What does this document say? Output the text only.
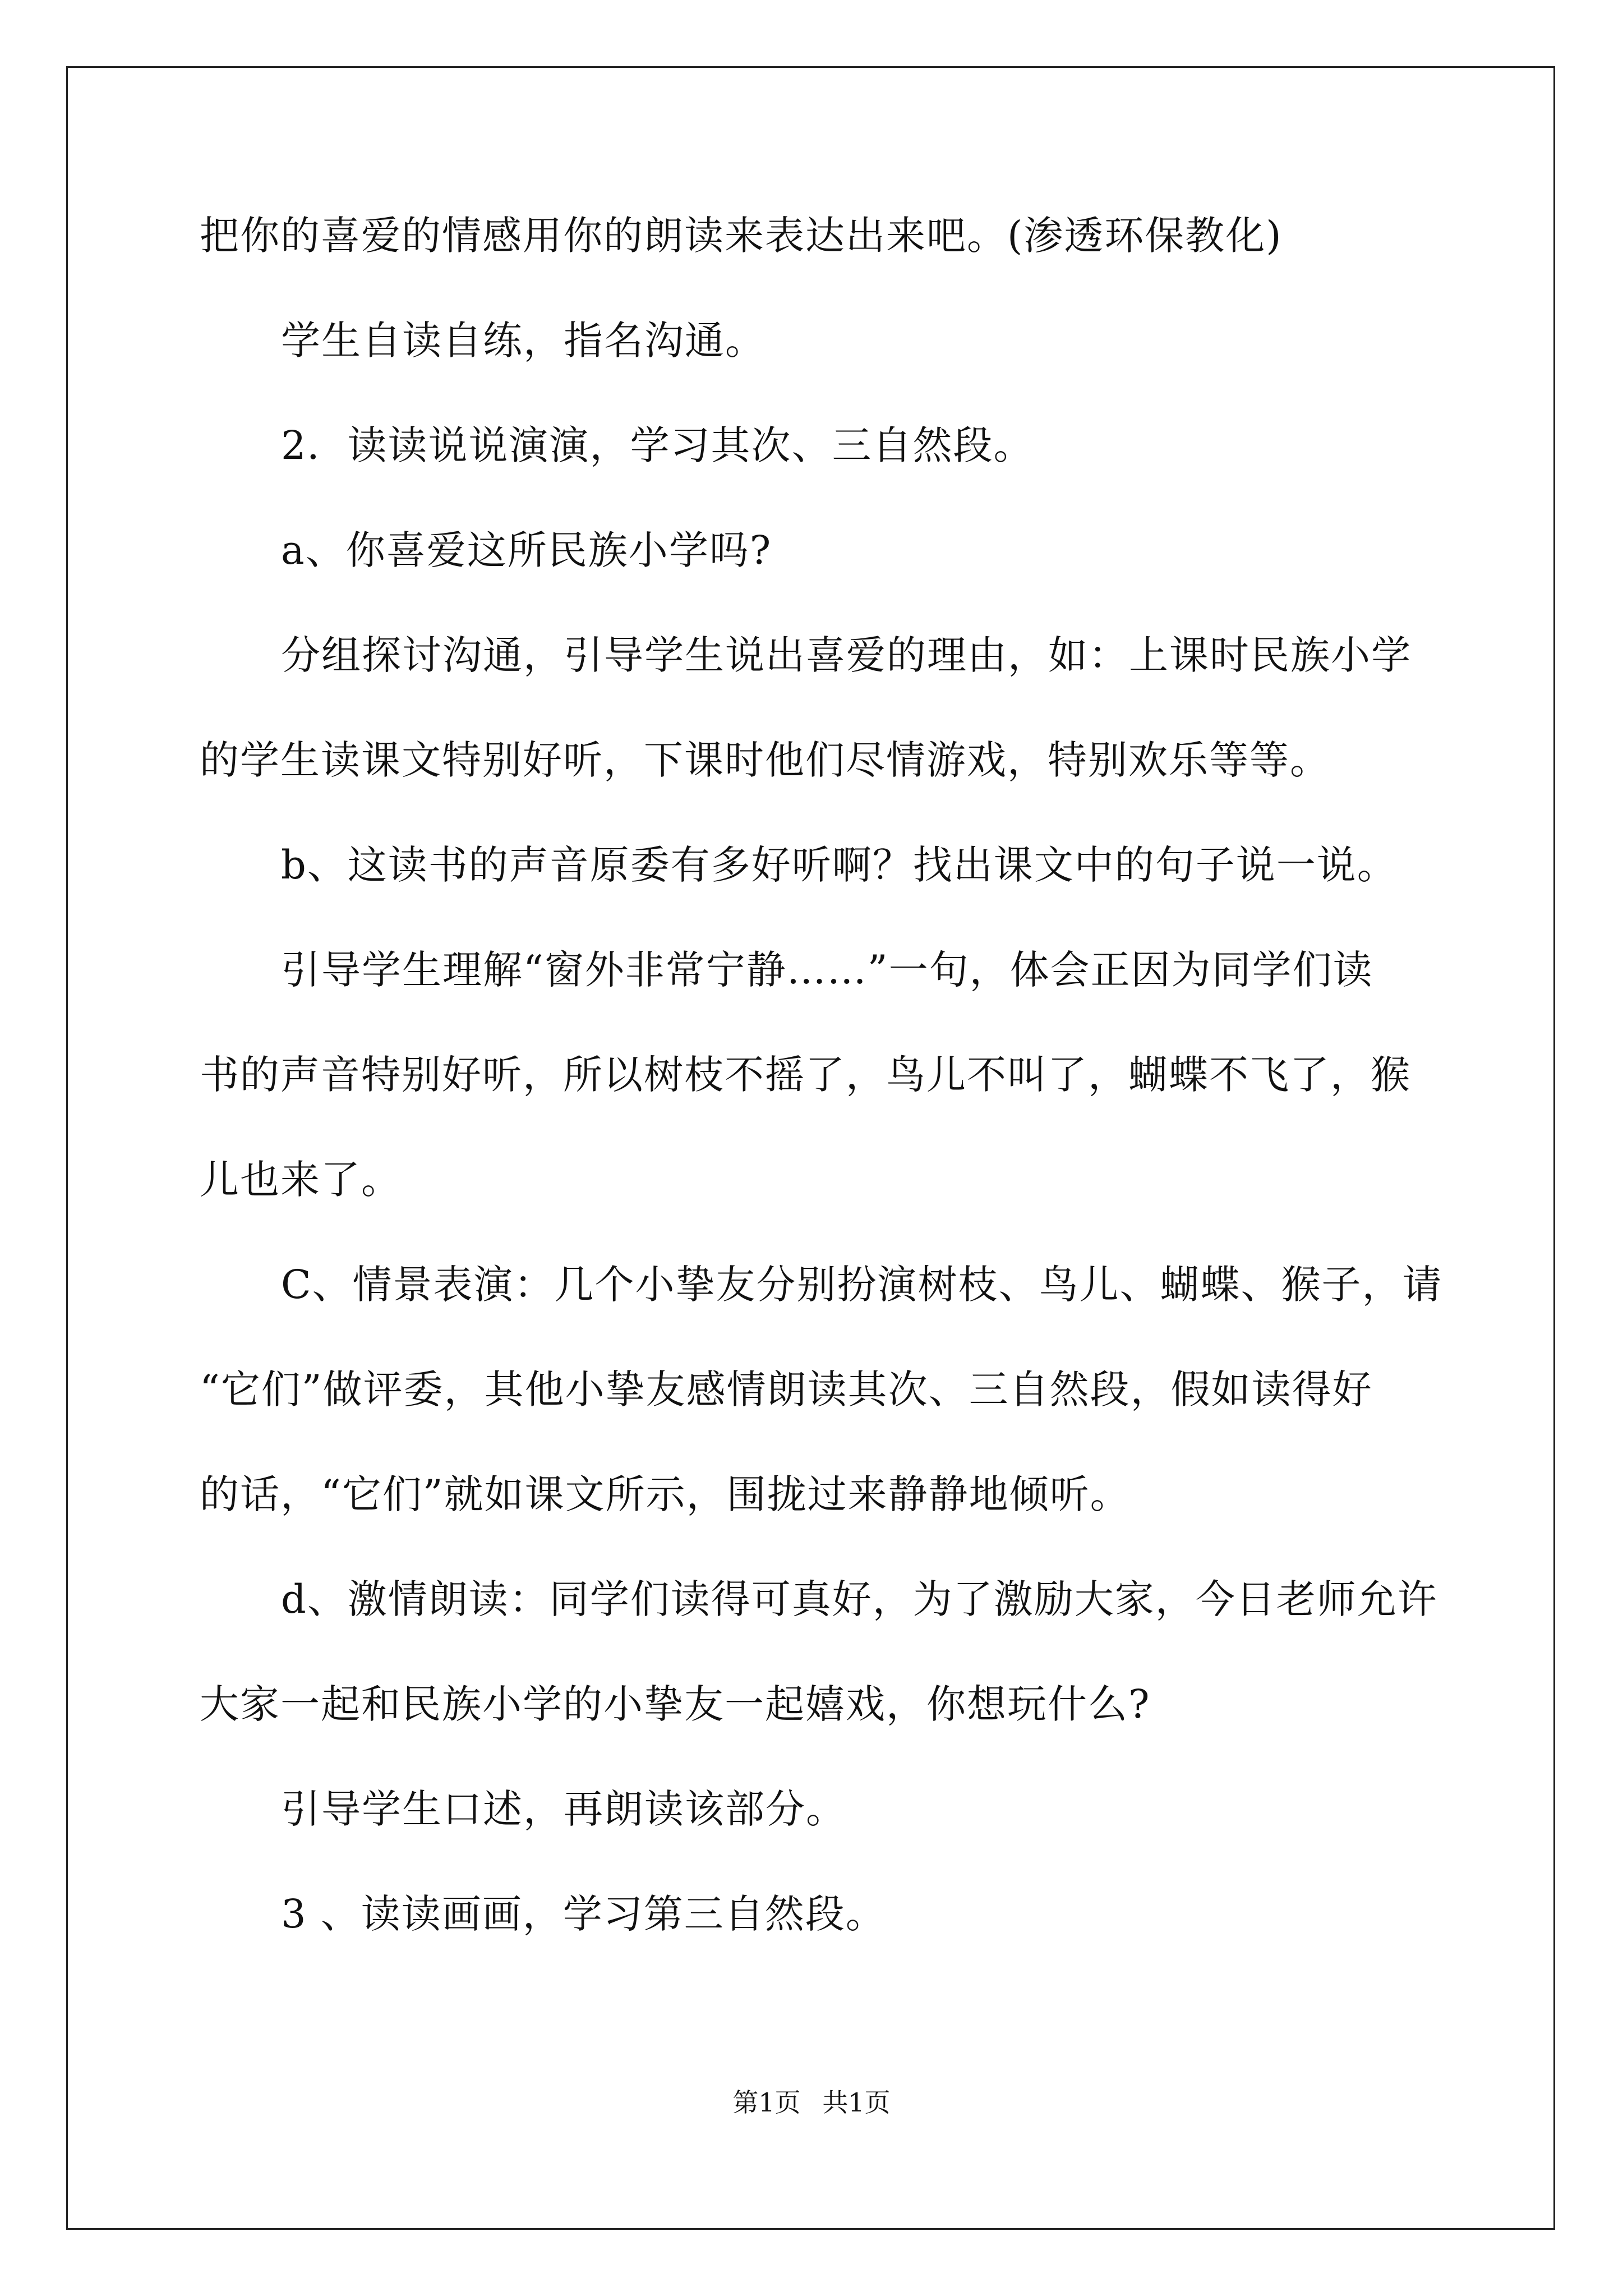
把你的喜爱的情感用你的朗读来表达出来吧。(渗透环保教化)
学生自读自练，指名沟通。
2．读读说说演演，学习其次、三自然段。
a、你喜爱这所民族小学吗?
分组探讨沟通，引导学生说出喜爱的理由，如：上课时民族小学
的学生读课文特别好听，下课时他们尽情游戏，特别欢乐等等。
b、这读书的声音原委有多好听啊？找出课文中的句子说一说。
引导学生理解“窗外非常宁静……”一句，体会正因为同学们读
书的声音特别好听，所以树枝不摇了，鸟儿不叫了，蝴蝶不飞了，猴
儿也来了。
C、情景表演：几个小挚友分别扮演树枝、鸟儿、蝴蝶、猴子，请
“它们”做评委，其他小挚友感情朗读其次、三自然段，假如读得好
的话，“它们”就如课文所示，围拢过来静静地倾听。
d、激情朗读：同学们读得可真好，为了激励大家，今日老师允许
大家一起和民族小学的小挚友一起嬉戏，你想玩什么?
引导学生口述，再朗读该部分。
3 、读读画画，学习第三自然段。
第1页 共1页
